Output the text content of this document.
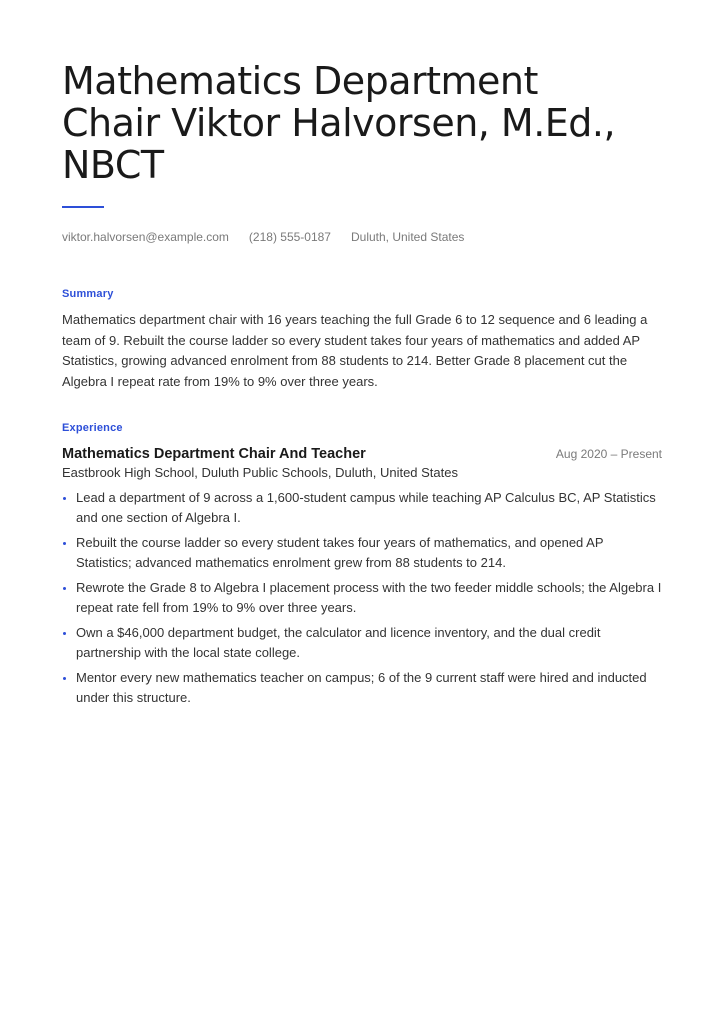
Mathematics Department Chair Viktor Halvorsen, M.Ed., NBCT
viktor.halvorsen@example.com (218) 555-0187 Duluth, United States
Summary

Mathematics department chair with 16 years teaching the full Grade 6 to 12 sequence and 6 leading a team of 9. Rebuilt the course ladder so every student takes four years of mathematics and added AP Statistics, growing advanced enrolment from 88 students to 214. Better Grade 8 placement cut the Algebra I repeat rate from 19% to 9% over three years.

Experience
Mathematics Department Chair And Teacher	Aug 2020 – Present
Eastbrook High School, Duluth Public Schools, Duluth, United States
Lead a department of 9 across a 1,600-student campus while teaching AP Calculus BC, AP Statistics and one section of Algebra I.
Rebuilt the course ladder so every student takes four years of mathematics, and opened AP Statistics; advanced mathematics enrolment grew from 88 students to 214.
Rewrote the Grade 8 to Algebra I placement process with the two feeder middle schools; the Algebra I repeat rate fell from 19% to 9% over three years.
Own a $46,000 department budget, the calculator and licence inventory, and the dual credit partnership with the local state college.
Mentor every new mathematics teacher on campus; 6 of the 9 current staff were hired and inducted under this structure.
